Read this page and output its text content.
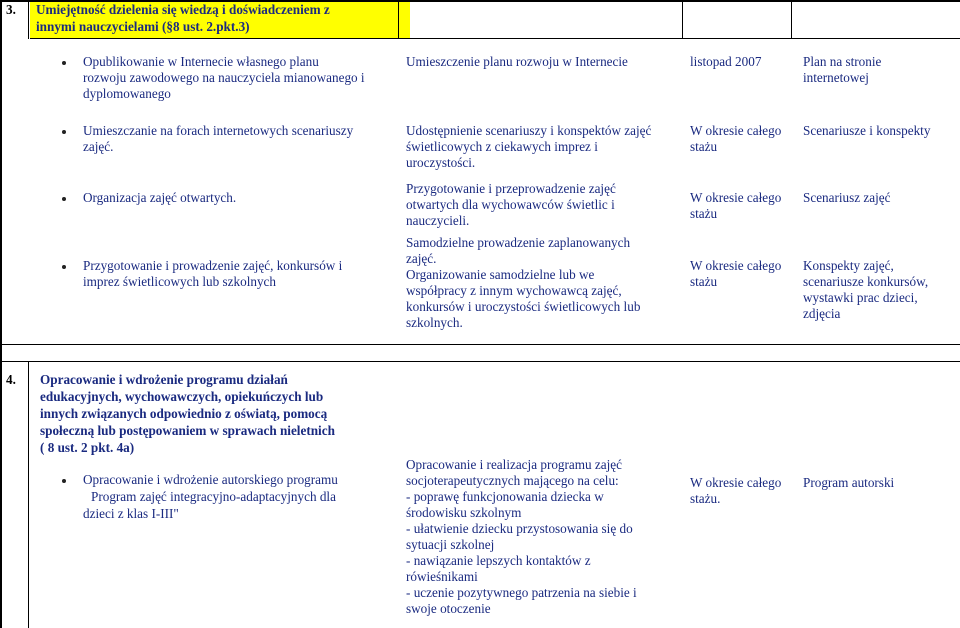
3. Umiejętność dzielenia się wiedzą i doświadczeniem z
innymi nauczycielami (§8 ust. 2.pkt.3)
Opublikowanie w Internecie własnego planu
rozwoju zawodowego na nauczyciela mianowanego i
dyplomowanego
Umieszczenie planu rozwoju w Internecie	listopad 2007	Plan na stronie
internetowej
Umieszczanie na forach internetowych scenariuszy
zajęć.
Udostępnienie scenariuszy i konspektów zajęć
świetlicowych z ciekawych imprez i
uroczystości.
W okresie całego
stażu
Scenariusze i konspekty
Organizacja zajęć otwartych.
Przygotowanie i przeprowadzenie zajęć
otwartych dla wychowawców świetlic i
nauczycieli.
W okresie całego
stażu
Scenariusz zajęć
Przygotowanie i prowadzenie zajęć, konkursów i
imprez świetlicowych lub szkolnych
Samodzielne prowadzenie zaplanowanych
zajęć.
Organizowanie samodzielne lub we
współpracy z innym wychowawcą zajęć,
konkursów i uroczystości świetlicowych lub
szkolnych.
W okresie całego
stażu
Konspekty zajęć,
scenariusze konkursów,
wystawki prac dzieci,
zdjęcia
4. Opracowanie i wdrożenie programu działań
edukacyjnych, wychowawczych, opiekuńczych lub
innych związanych odpowiednio z oświatą, pomocą
społeczną lub postępowaniem w sprawach nieletnich
( 8 ust. 2 pkt. 4a)
Opracowanie i wdrożenie autorskiego programu
Program zajęć integracyjno-adaptacyjnych dla
dzieci z klas I-III"
Opracowanie i realizacja programu zajęć
socjoterapeutycznych mającego na celu:
- poprawę funkcjonowania dziecka w
środowisku szkolnym
- ułatwienie dziecku przystosowania się do
sytuacji szkolnej
- nawiązanie lepszych kontaktów z
rówieśnikami
- uczenie pozytywnego patrzenia na siebie i
swoje otoczenie
W okresie całego
stażu.
Program autorski
